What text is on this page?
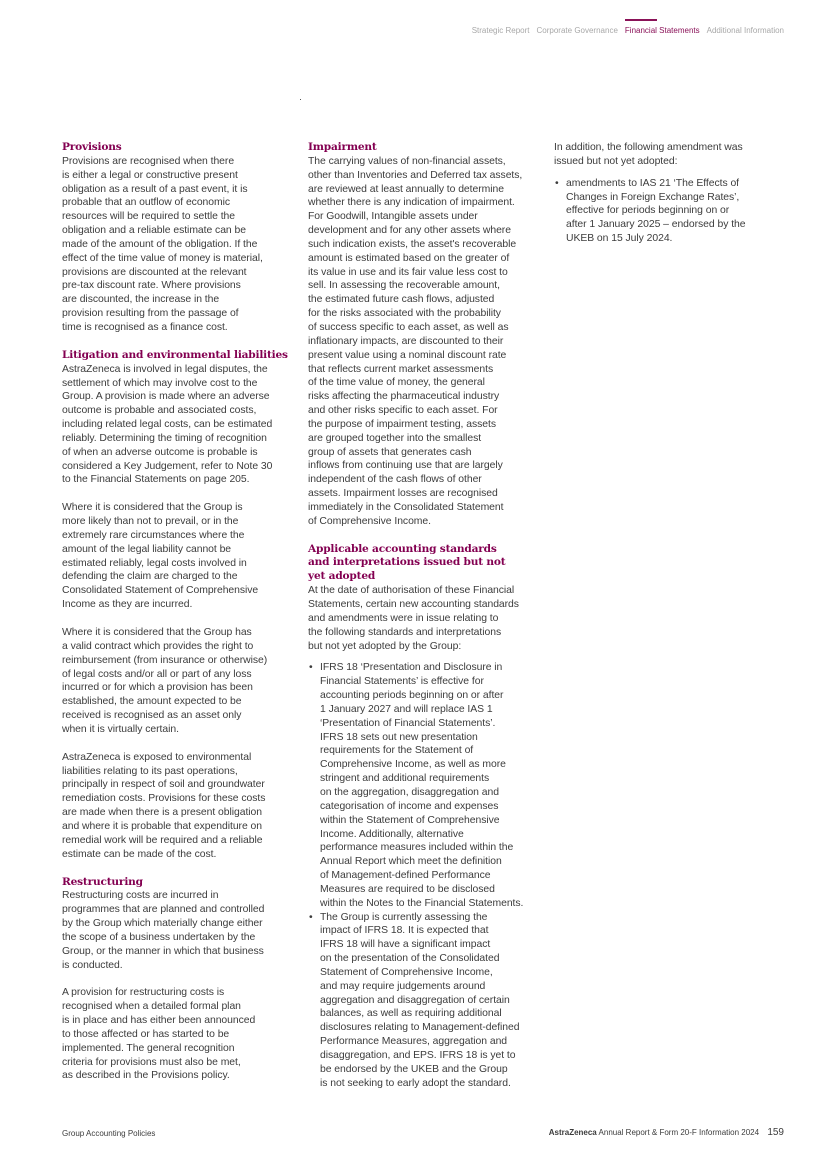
Strategic Report Corporate Governance Financial Statements Additional Information
Provisions
Provisions are recognised when there
is either a legal or constructive present
obligation as a result of a past event, it is
probable that an outflow of economic
resources will be required to settle the
obligation and a reliable estimate can be
made of the amount of the obligation. If the
effect of the time value of money is material,
provisions are discounted at the relevant
pre-tax discount rate. Where provisions
are discounted, the increase in the
provision resulting from the passage of
time is recognised as a finance cost.
Litigation and environmental liabilities
AstraZeneca is involved in legal disputes, the
settlement of which may involve cost to the
Group. A provision is made where an adverse
outcome is probable and associated costs,
including related legal costs, can be estimated
reliably. Determining the timing of recognition
of when an adverse outcome is probable is
considered a Key Judgement, refer to Note 30
to the Financial Statements on page 205.
Where it is considered that the Group is
more likely than not to prevail, or in the
extremely rare circumstances where the
amount of the legal liability cannot be
estimated reliably, legal costs involved in
defending the claim are charged to the
Consolidated Statement of Comprehensive
Income as they are incurred.
Where it is considered that the Group has
a valid contract which provides the right to
reimbursement (from insurance or otherwise)
of legal costs and/or all or part of any loss
incurred or for which a provision has been
established, the amount expected to be
received is recognised as an asset only
when it is virtually certain.
AstraZeneca is exposed to environmental
liabilities relating to its past operations,
principally in respect of soil and groundwater
remediation costs. Provisions for these costs
are made when there is a present obligation
and where it is probable that expenditure on
remedial work will be required and a reliable
estimate can be made of the cost.
Restructuring
Restructuring costs are incurred in
programmes that are planned and controlled
by the Group which materially change either
the scope of a business undertaken by the
Group, or the manner in which that business
is conducted.
A provision for restructuring costs is
recognised when a detailed formal plan
is in place and has either been announced
to those affected or has started to be
implemented. The general recognition
criteria for provisions must also be met,
as described in the Provisions policy.
Impairment
The carrying values of non-financial assets,
other than Inventories and Deferred tax assets,
are reviewed at least annually to determine
whether there is any indication of impairment.
For Goodwill, Intangible assets under
development and for any other assets where
such indication exists, the asset's recoverable
amount is estimated based on the greater of
its value in use and its fair value less cost to
sell. In assessing the recoverable amount,
the estimated future cash flows, adjusted
for the risks associated with the probability
of success specific to each asset, as well as
inflationary impacts, are discounted to their
present value using a nominal discount rate
that reflects current market assessments
of the time value of money, the general
risks affecting the pharmaceutical industry
and other risks specific to each asset. For
the purpose of impairment testing, assets
are grouped together into the smallest
group of assets that generates cash
inflows from continuing use that are largely
independent of the cash flows of other
assets. Impairment losses are recognised
immediately in the Consolidated Statement
of Comprehensive Income.
Applicable accounting standards
and interpretations issued but not
yet adopted
At the date of authorisation of these Financial
Statements, certain new accounting standards
and amendments were in issue relating to
the following standards and interpretations
but not yet adopted by the Group:
• IFRS 18 ‘Presentation and Disclosure in
Financial Statements’ is effective for
accounting periods beginning on or after
1 January 2027 and will replace IAS 1
‘Presentation of Financial Statements’.
IFRS 18 sets out new presentation
requirements for the Statement of
Comprehensive Income, as well as more
stringent and additional requirements
on the aggregation, disaggregation and
categorisation of income and expenses
within the Statement of Comprehensive
Income. Additionally, alternative
performance measures included within the
Annual Report which meet the definition
of Management-defined Performance
Measures are required to be disclosed
within the Notes to the Financial Statements.
• The Group is currently assessing the
impact of IFRS 18. It is expected that
IFRS 18 will have a significant impact
on the presentation of the Consolidated
Statement of Comprehensive Income,
and may require judgements around
aggregation and disaggregation of certain
balances, as well as requiring additional
disclosures relating to Management-defined
Performance Measures, aggregation and
disaggregation, and EPS. IFRS 18 is yet to
be endorsed by the UKEB and the Group
is not seeking to early adopt the standard.
In addition, the following amendment was
issued but not yet adopted:
• amendments to IAS 21 ‘The Effects of
Changes in Foreign Exchange Rates’,
effective for periods beginning on or
after 1 January 2025 – endorsed by the
UKEB on 15 July 2024.
Group Accounting Policies	AstraZeneca Annual Report & Form 20-F Information 2024 159
